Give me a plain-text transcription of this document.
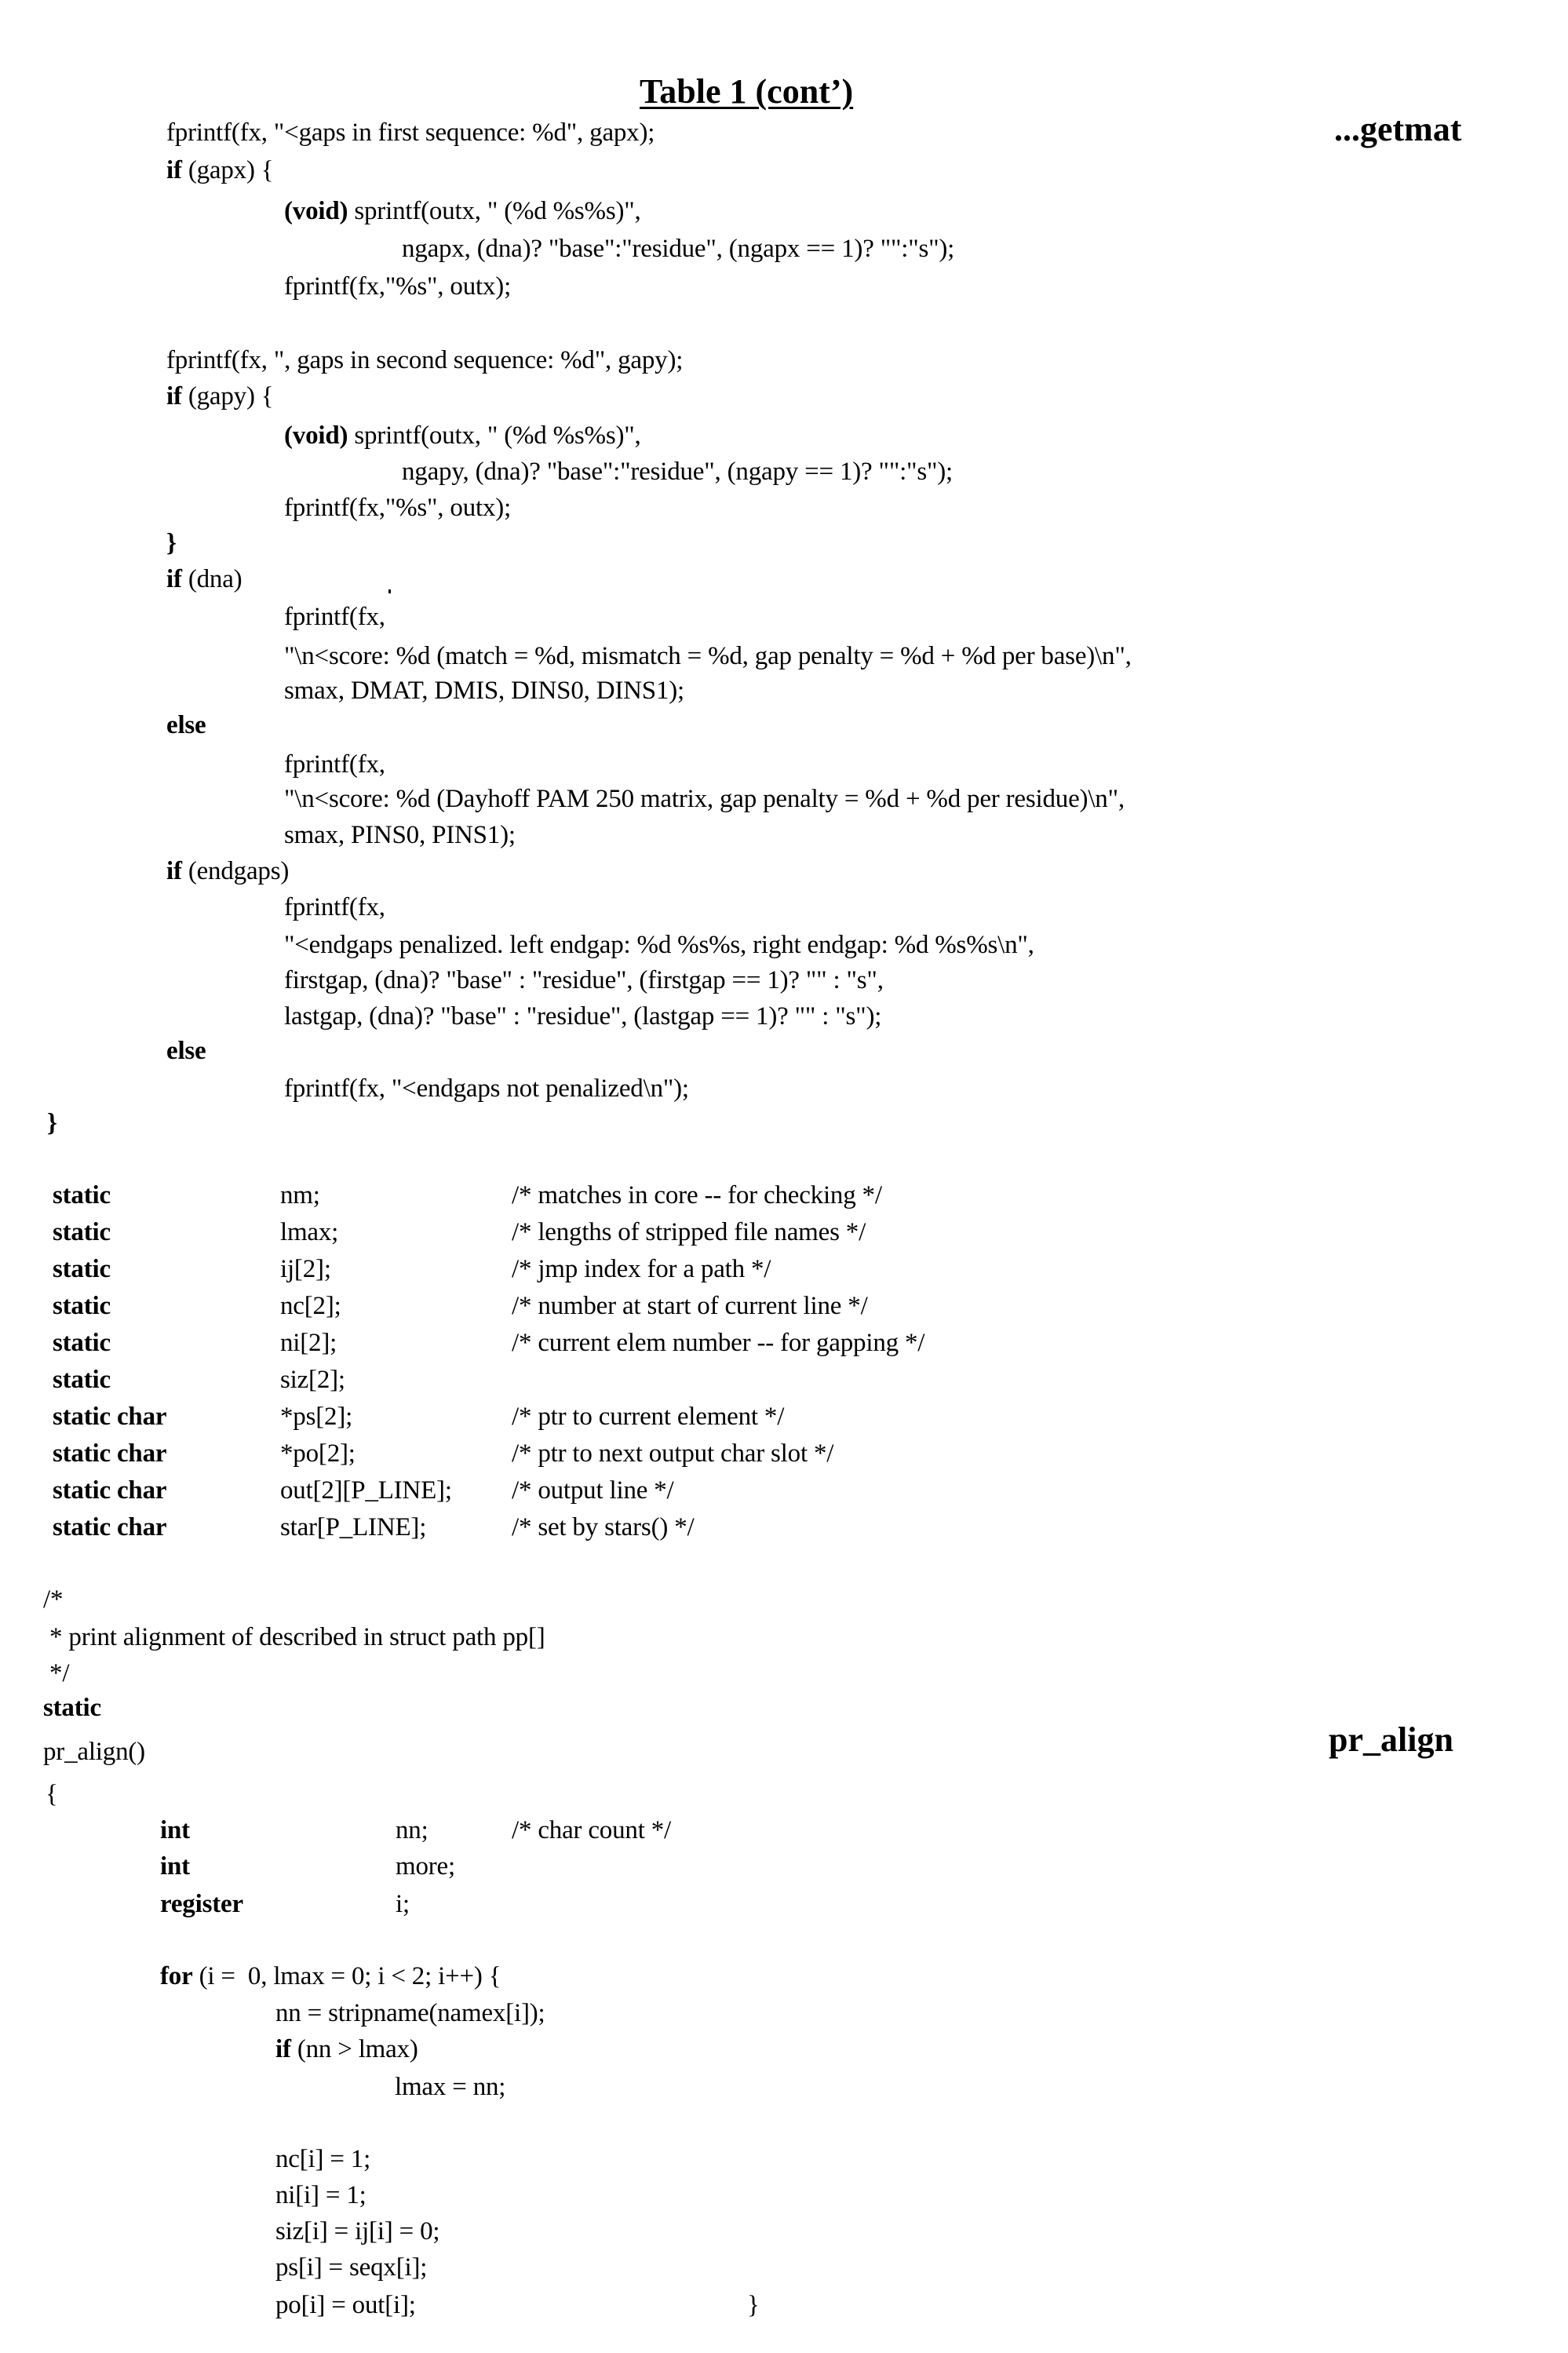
Table 1 (cont’)
...getmat
pr_align
fprintf(fx, "<gaps in first sequence: %d", gapx);
if (gapx) {
(void) sprintf(outx, " (%d %s%s)",
ngapx, (dna)? "base":"residue", (ngapx == 1)? "":"s");
fprintf(fx,"%s", outx);
fprintf(fx, ", gaps in second sequence: %d", gapy);
if (gapy) {
(void) sprintf(outx, " (%d %s%s)",
ngapy, (dna)? "base":"residue", (ngapy == 1)? "":"s");
fprintf(fx,"%s", outx);
}
if (dna)
fprintf(fx,
"\n<score: %d (match = %d, mismatch = %d, gap penalty = %d + %d per base)\n",
smax, DMAT, DMIS, DINS0, DINS1);
else
fprintf(fx,
"\n<score: %d (Dayhoff PAM 250 matrix, gap penalty = %d + %d per residue)\n",
smax, PINS0, PINS1);
if (endgaps)
fprintf(fx,
"<endgaps penalized. left endgap: %d %s%s, right endgap: %d %s%s\n",
firstgap, (dna)? "base" : "residue", (firstgap == 1)? "" : "s",
lastgap, (dna)? "base" : "residue", (lastgap == 1)? "" : "s");
else
fprintf(fx, "<endgaps not penalized\n");
}
static	nm;	/* matches in core -- for checking */
static	lmax;	/* lengths of stripped file names */
static	ij[2];	/* jmp index for a path */
static	nc[2];	/* number at start of current line */
static	ni[2];	/* current elem number -- for gapping */
static	siz[2];
static char	*ps[2];	/* ptr to current element */
static char	*po[2];	/* ptr to next output char slot */
static char	out[2][P_LINE]; /* output line */
static char	star[P_LINE];	/* set by stars() */
/*
* print alignment of described in struct path pp[]
*/
static
pr_align()
{
int	nn;	/* char count */
int	more;
register	i;
for (i =  0, lmax = 0; i < 2; i++) {
nn = stripname(namex[i]);
if (nn > lmax)
lmax = nn;
nc[i] = 1;
ni[i] = 1;
siz[i] = ij[i] = 0;
ps[i] = seqx[i];
po[i] = out[i];	}
